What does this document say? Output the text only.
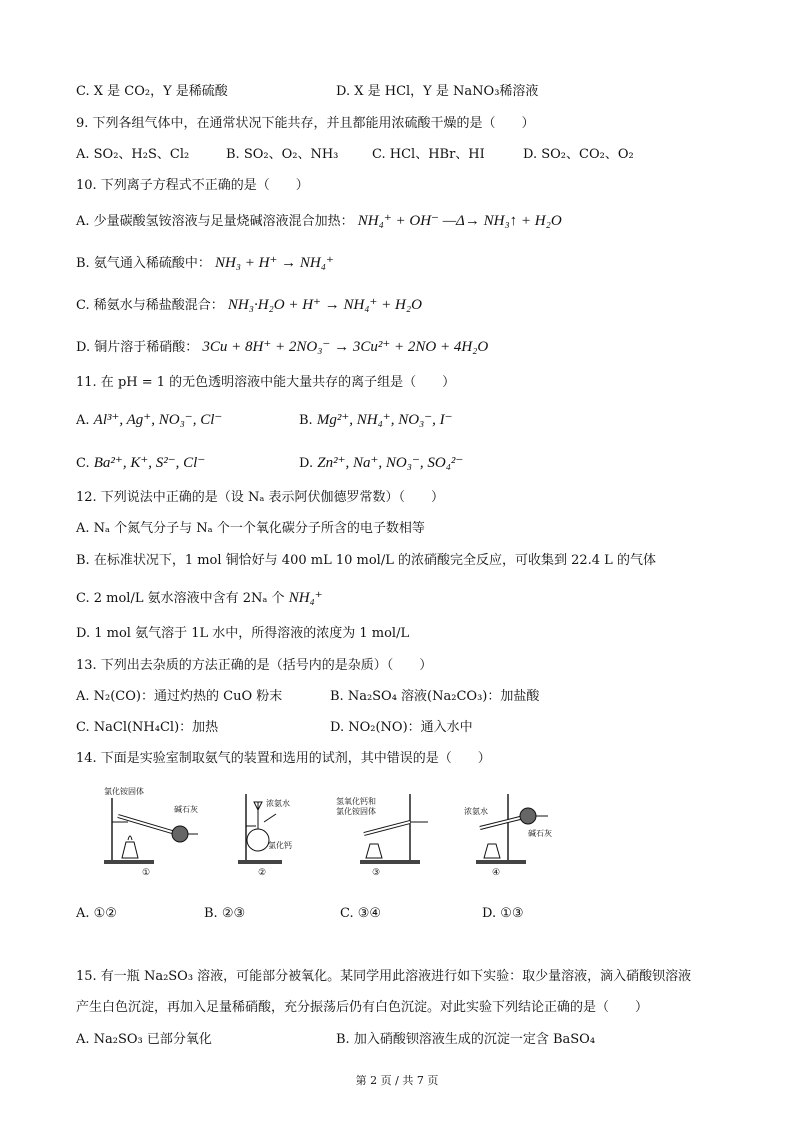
C. X 是 CO₂，Y 是稀硫酸	D. X 是 HCl，Y 是 NaNO₃稀溶液
9. 下列各组气体中，在通常状况下能共存，并且都能用浓硫酸干燥的是（　　）
A. SO₂、H₂S、Cl₂	B. SO₂、O₂、NH₃	C. HCl、HBr、HI	D. SO₂、CO₂、O₂
10. 下列离子方程式不正确的是（　　）
A. 少量碳酸氢铵溶液与足量烧碱溶液混合加热： NH₄⁺ + OH⁻ —Δ→ NH₃↑ + H₂O
B. 氨气通入稀硫酸中： NH₃ + H⁺ → NH₄⁺
C. 稀氨水与稀盐酸混合： NH₃·H₂O + H⁺ → NH₄⁺ + H₂O
D. 铜片溶于稀硝酸： 3Cu + 8H⁺ + 2NO₃⁻ → 3Cu²⁺ + 2NO + 4H₂O
11. 在 pH = 1 的无色透明溶液中能大量共存的离子组是（　　）
A. Al³⁺, Ag⁺, NO₃⁻, Cl⁻	B. Mg²⁺, NH₄⁺, NO₃⁻, I⁻
C. Ba²⁺, K⁺, S²⁻, Cl⁻	D. Zn²⁺, Na⁺, NO₃⁻, SO₄²⁻
12. 下列说法中正确的是（设 Nₐ 表示阿伏伽德罗常数）（　　）
A. Nₐ 个氮气分子与 Nₐ 个一个氧化碳分子所含的电子数相等
B. 在标准状况下，1 mol 铜恰好与 400 mL 10 mol/L 的浓硝酸完全反应，可收集到 22.4 L 的气体
C. 2 mol/L 氨水溶液中含有 2Nₐ 个 NH₄⁺
D. 1 mol 氨气溶于 1L 水中，所得溶液的浓度为 1 mol/L
13. 下列出去杂质的方法正确的是（括号内的是杂质）（　　）
A. N₂(CO)：通过灼热的 CuO 粉末	B. Na₂SO₄ 溶液(Na₂CO₃)：加盐酸
C. NaCl(NH₄Cl)：加热	D. NO₂(NO)：通入水中
14. 下面是实验室制取氨气的装置和选用的试剂，其中错误的是（　　）
氯化铵固体
碱石灰
①
浓氨水
氯化钙
②
氢氧化钙和
氯化铵固体
③
浓氨水
碱石灰
④
A. ①②	B. ②③	C. ③④	D. ①③
15. 有一瓶 Na₂SO₃ 溶液，可能部分被氧化。某同学用此溶液进行如下实验：取少量溶液，滴入硝酸钡溶液
产生白色沉淀，再加入足量稀硝酸，充分振荡后仍有白色沉淀。对此实验下列结论正确的是（　　）
A. Na₂SO₃ 已部分氧化	B. 加入硝酸钡溶液生成的沉淀一定含 BaSO₄
第 2 页 / 共 7 页
